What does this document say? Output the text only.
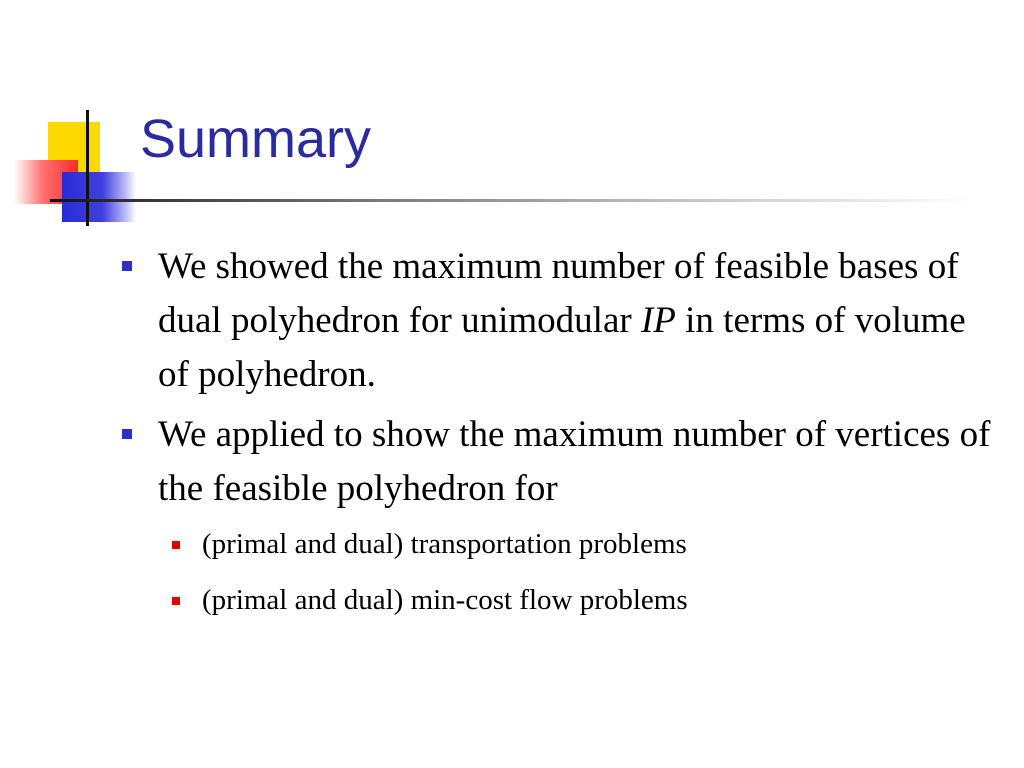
Summary
We showed the maximum number of feasible bases of dual polyhedron for unimodular IP in terms of volume of polyhedron.
We applied to show the maximum number of vertices of the feasible polyhedron for
(primal and dual) transportation problems
(primal and dual) min-cost flow problems
